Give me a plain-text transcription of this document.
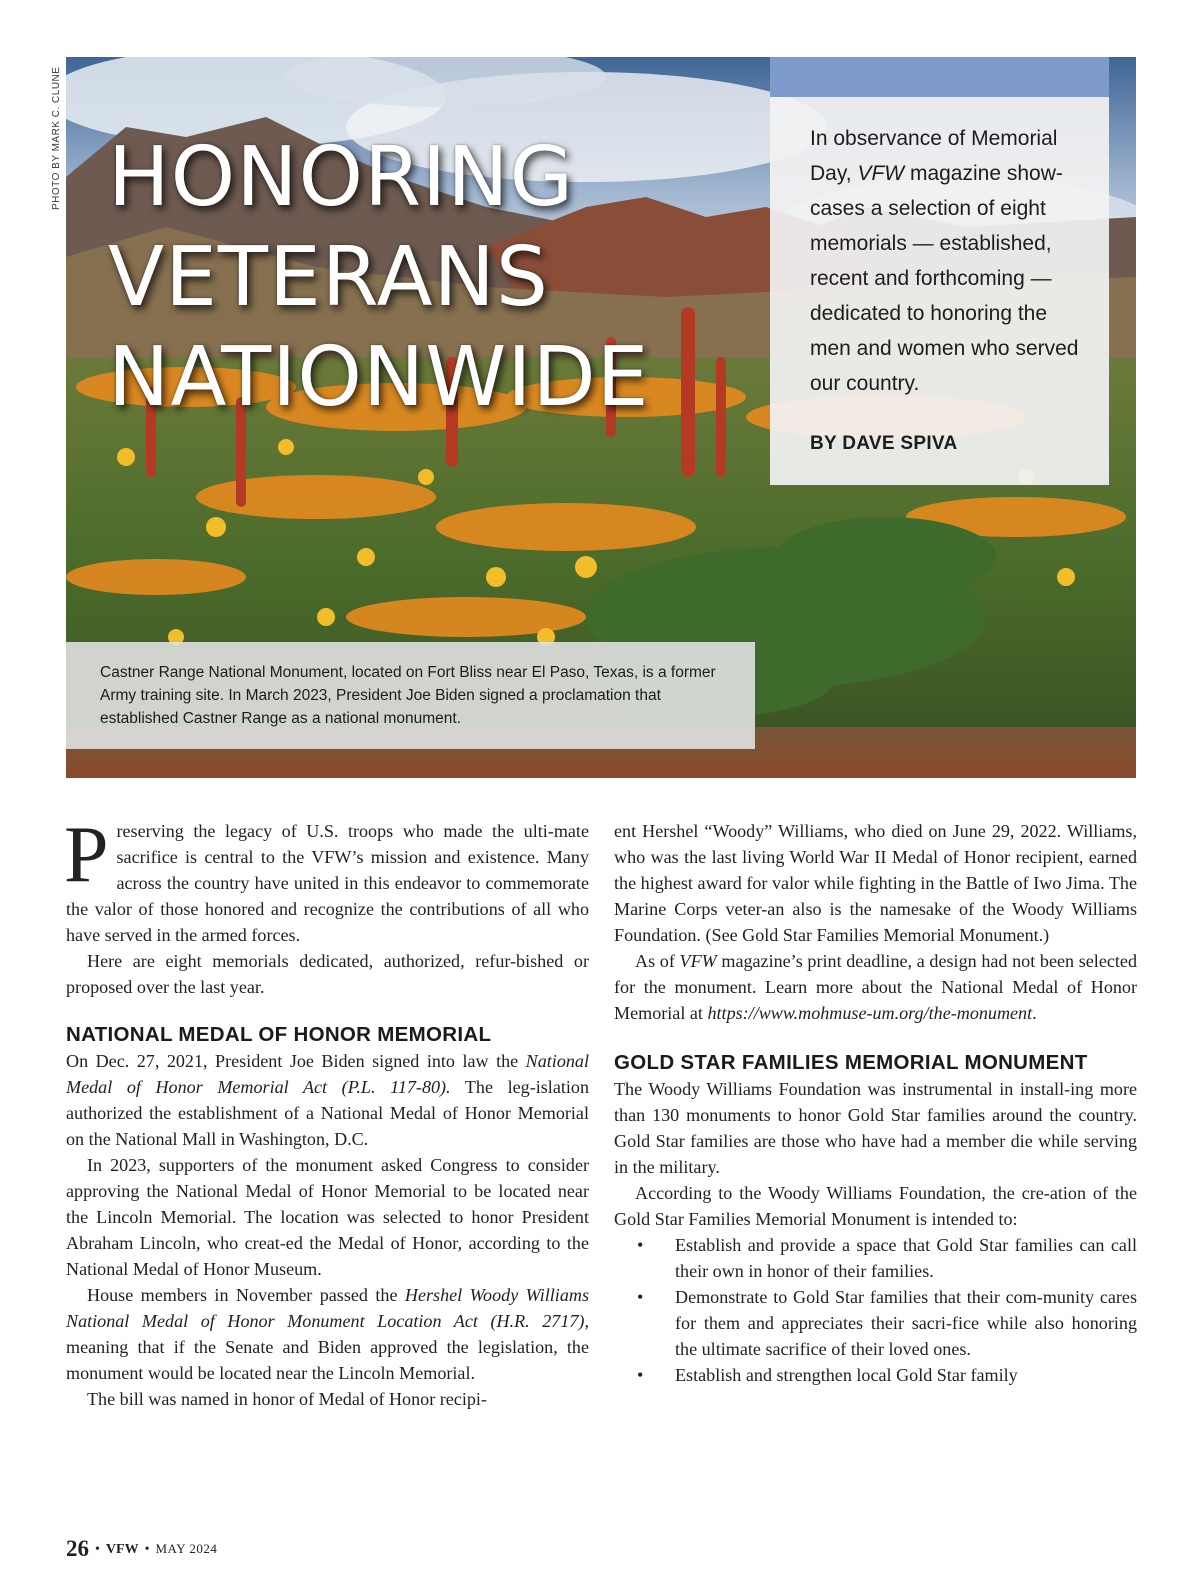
PHOTO BY MARK C. CLUNE HONORING
VETERANS
NATIONWIDE
In observance of Memorial Day, VFW magazine show-cases a selection of eight memorials — established, recent and forthcoming — dedicated to honoring the men and women who served our country.
BY DAVE SPIVA
Castner Range National Monument, located on Fort Bliss near El Paso, Texas, is a former Army training site. In March 2023, President Joe Biden signed a proclamation that established Castner Range as a national monument.

Preserving the legacy of U.S. troops who made the ulti-mate sacrifice is central to the VFW’s mission and existence. Many across the country have united in this endeavor to commemorate the valor of those honored and recognize the contributions of all who have served in the armed forces.

Here are eight memorials dedicated, authorized, refur-bished or proposed over the last year.

NATIONAL MEDAL OF HONOR MEMORIAL

On Dec. 27, 2021, President Joe Biden signed into law the National Medal of Honor Memorial Act (P.L. 117-80). The leg-islation authorized the establishment of a National Medal of Honor Memorial on the National Mall in Washington, D.C.

In 2023, supporters of the monument asked Congress to consider approving the National Medal of Honor Memorial to be located near the Lincoln Memorial. The location was selected to honor President Abraham Lincoln, who creat-ed the Medal of Honor, according to the National Medal of Honor Museum.

House members in November passed the Hershel Woody Williams National Medal of Honor Monument Location Act (H.R. 2717), meaning that if the Senate and Biden approved the legislation, the monument would be located near the Lincoln Memorial.

The bill was named in honor of Medal of Honor recipi-

ent Hershel “Woody” Williams, who died on June 29, 2022. Williams, who was the last living World War II Medal of Honor recipient, earned the highest award for valor while fighting in the Battle of Iwo Jima. The Marine Corps veter-an also is the namesake of the Woody Williams Foundation. (See Gold Star Families Memorial Monument.)

As of VFW magazine’s print deadline, a design had not been selected for the monument. Learn more about the National Medal of Honor Memorial at https://www.mohmuse-um.org/the-monument.

GOLD STAR FAMILIES MEMORIAL MONUMENT

The Woody Williams Foundation was instrumental in install-ing more than 130 monuments to honor Gold Star families around the country. Gold Star families are those who have had a member die while serving in the military.

According to the Woody Williams Foundation, the cre-ation of the Gold Star Families Memorial Monument is intended to:

• Establish and provide a space that Gold Star families can call their own in honor of their families.
• Demonstrate to Gold Star families that their com-munity cares for them and appreciates their sacri-fice while also honoring the ultimate sacrifice of their loved ones.
• Establish and strengthen local Gold Star family
26 • VFW • MAY 2024
